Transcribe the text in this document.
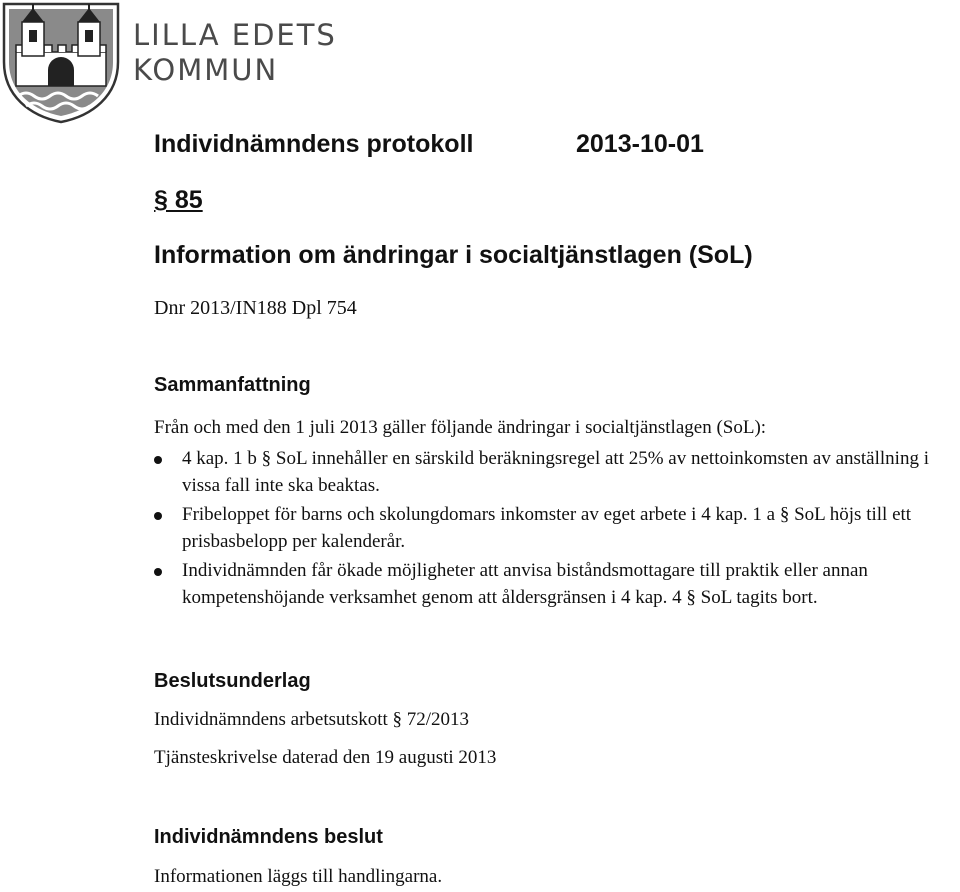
LILLA EDETS
KOMMUN
Individnämndens protokoll	2013-10-01
§ 85
Information om ändringar i socialtjänstlagen (SoL)
Dnr 2013/IN188 Dpl 754
Sammanfattning
Från och med den 1 juli 2013 gäller följande ändringar i socialtjänstlagen (SoL):
4 kap. 1 b § SoL innehåller en särskild beräkningsregel att 25% av nettoinkomsten av anställning i vissa fall inte ska beaktas.
Fribeloppet för barns och skolungdomars inkomster av eget arbete i 4 kap. 1 a § SoL höjs till ett prisbasbelopp per kalenderår.
Individnämnden får ökade möjligheter att anvisa biståndsmottagare till praktik eller annan kompetenshöjande verksamhet genom att åldersgränsen i 4 kap. 4 § SoL tagits bort.
Beslutsunderlag
Individnämndens arbetsutskott § 72/2013
Tjänsteskrivelse daterad den 19 augusti 2013
Individnämndens beslut
Informationen läggs till handlingarna.
